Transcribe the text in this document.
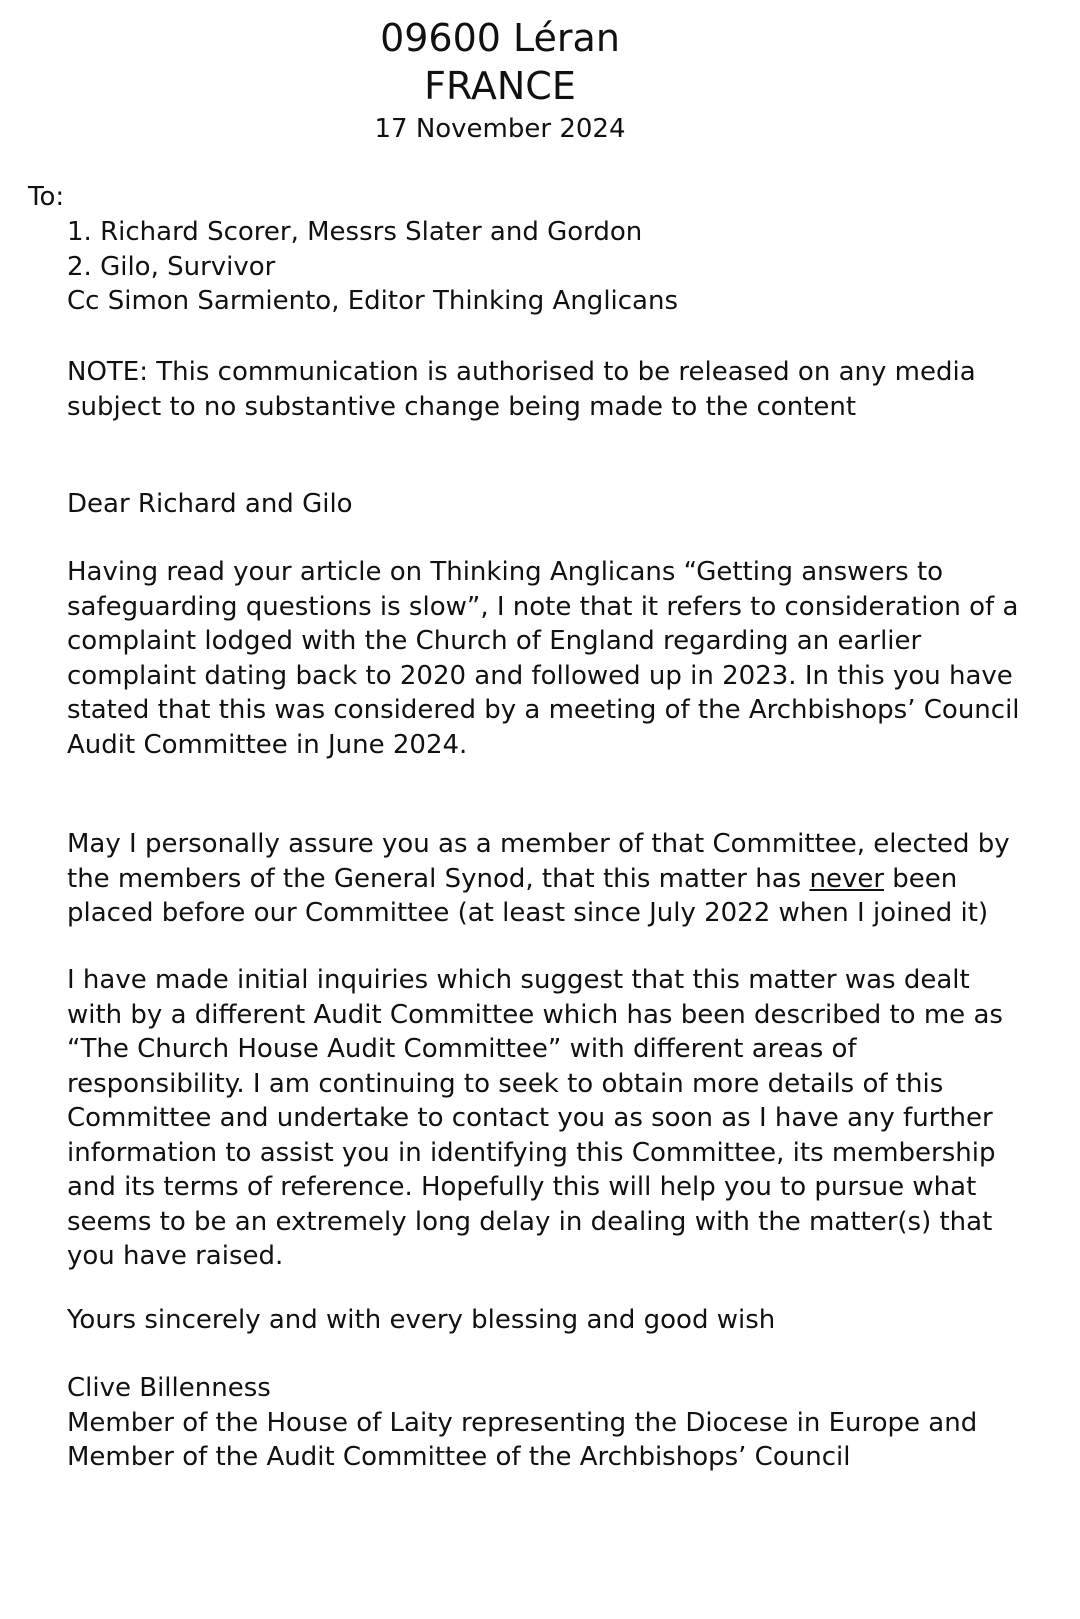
09600 Léran
FRANCE
17 November 2024
To:
1. Richard Scorer, Messrs Slater and Gordon
2. Gilo, Survivor
Cc Simon Sarmiento, Editor Thinking Anglicans

NOTE: This communication is authorised to be released on any media subject to no substantive change being made to the content

Dear Richard and Gilo

Having read your article on Thinking Anglicans “Getting answers to safeguarding questions is slow”, I note that it refers to consideration of a complaint lodged with the Church of England regarding an earlier complaint dating back to 2020 and followed up in 2023. In this you have stated that this was considered by a meeting of the Archbishops’ Council Audit Committee in June 2024.

May I personally assure you as a member of that Committee, elected by the members of the General Synod, that this matter has never been placed before our Committee (at least since July 2022 when I joined it)

I have made initial inquiries which suggest that this matter was dealt with by a different Audit Committee which has been described to me as “The Church House Audit Committee” with different areas of responsibility. I am continuing to seek to obtain more details of this Committee and undertake to contact you as soon as I have any further information to assist you in identifying this Committee, its membership and its terms of reference. Hopefully this will help you to pursue what seems to be an extremely long delay in dealing with the matter(s) that you have raised.

Yours sincerely and with every blessing and good wish

Clive Billenness
Member of the House of Laity representing the Diocese in Europe and
Member of the Audit Committee of the Archbishops’ Council
